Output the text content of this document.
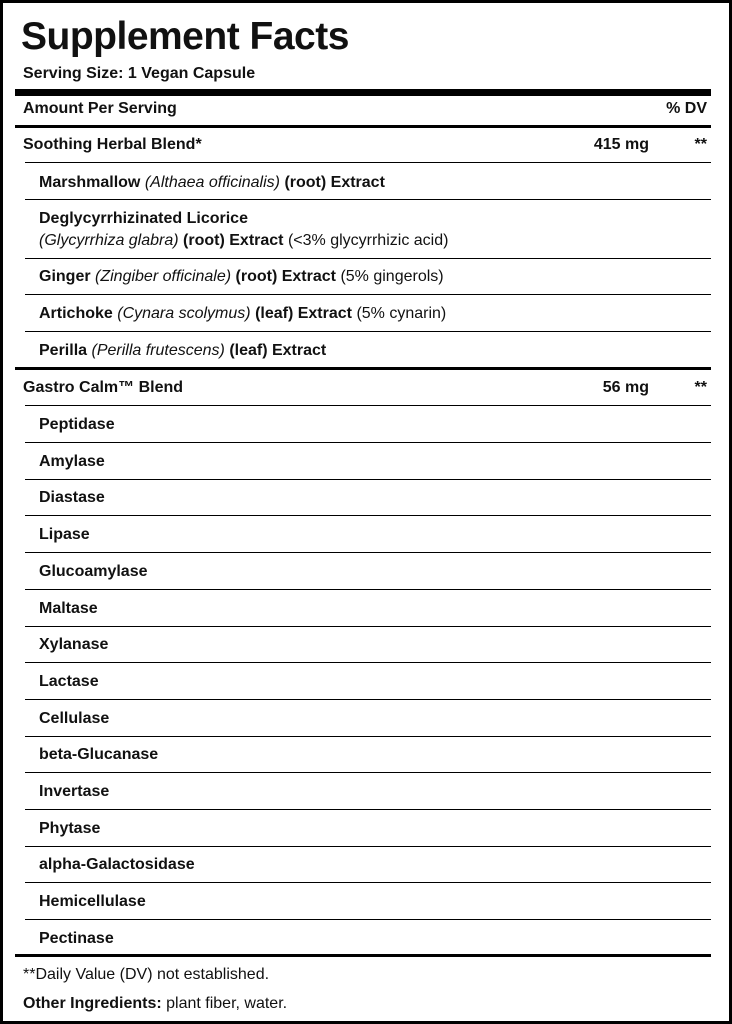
Supplement Facts
Serving Size: 1 Vegan Capsule
Amount Per Serving	% DV
Soothing Herbal Blend*	415 mg	**
Marshmallow (Althaea officinalis) (root) Extract
Deglycyrrhizinated Licorice
(Glycyrrhiza glabra) (root) Extract (<3% glycyrrhizic acid)
Ginger (Zingiber officinale) (root) Extract (5% gingerols)
Artichoke (Cynara scolymus) (leaf) Extract (5% cynarin)
Perilla (Perilla frutescens) (leaf) Extract
Gastro Calm™ Blend	56 mg	**
Peptidase
Amylase
Diastase
Lipase
Glucoamylase
Maltase
Xylanase
Lactase
Cellulase
beta-Glucanase
Invertase
Phytase
alpha-Galactosidase
Hemicellulase
Pectinase
**Daily Value (DV) not established.
Other Ingredients: plant fiber, water.
